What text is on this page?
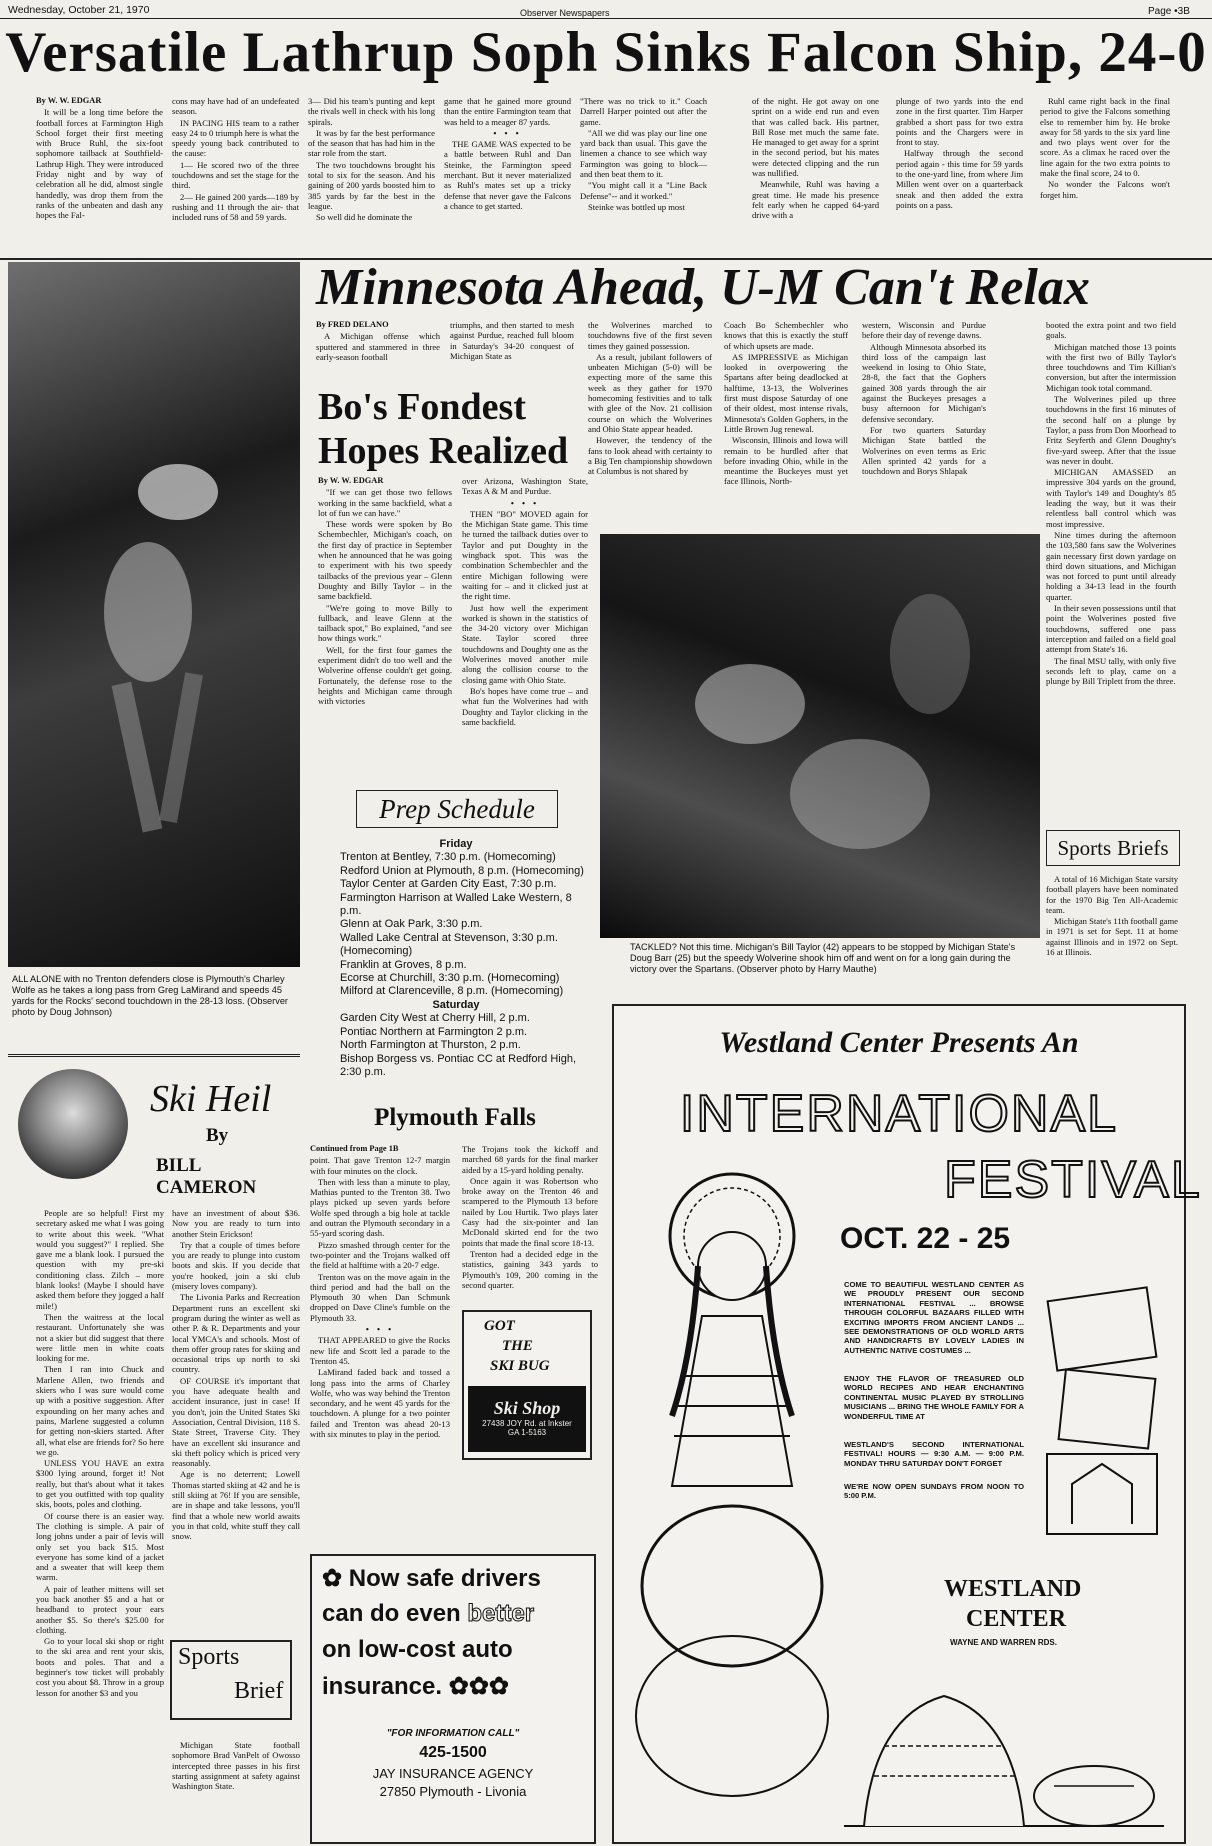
Wednesday, October 21, 1970	Observer Newspapers	Page •3B
Versatile Lathrup Soph Sinks Falcon Ship, 24-0

By W. W. EDGAR

It will be a long time before the football forces at Farmington High School forget their first meeting with Bruce Ruhl, the six-foot sophomore tailback at Southfield-Lathrup High. They were introduced Friday night and by way of celebration all he did, almost single handedly, was drop them from the ranks of the unbeaten and dash any hopes the Fal-

cons may have had of an undefeated season.

IN PACING HIS team to a rather easy 24 to 0 triumph here is what the speedy young back contributed to the cause:

1— He scored two of the three touchdowns and set the stage for the third.

2— He gained 200 yards—189 by rushing and 11 through the air- that included runs of 58 and 59 yards.

3— Did his team's punting and kept the rivals well in check with his long spirals.

It was by far the best performance of the season that has had him in the star role from the start.

The two touchdowns brought his total to six for the season. And his gaining of 200 yards boosted him to 385 yards by far the best in the league.

So well did he dominate the

game that he gained more ground than the entire Farmington team that was held to a meager 87 yards.

• • •

THE GAME WAS expected to be a battle between Ruhl and Dan Steinke, the Farmington speed merchant. But it never materialized as Ruhl's mates set up a tricky defense that never gave the Falcons a chance to get started.

"There was no trick to it." Coach Darrell Harper pointed out after the game.

"All we did was play our line one yard back than usual. This gave the linemen a chance to see which way Farmington was going to block—and then beat them to it.

"You might call it a "Line Back Defense"-- and it worked."

Steinke was bottled up most

of the night. He got away on one sprint on a wide end run and even that was called back. His partner, Bill Rose met much the same fate. He managed to get away for a sprint in the second period, but his mates were detected clipping and the run was nullified.

Meanwhile, Ruhl was having a great time. He made his presence felt early when he capped 64-yard drive with a

plunge of two yards into the end zone in the first quarter. Tim Harper grabbed a short pass for two extra points and the Chargers were in front to stay.

Halfway through the second period again - this time for 59 yards to the one-yard line, from where Jim Millen went over on a quarterback sneak and then added the extra points on a pass.

Ruhl came right back in the final period to give the Falcons something else to remember him by. He broke away for 58 yards to the six yard line and two plays went over for the score. As a climax he raced over the line again for the two extra points to make the final score, 24 to 0.

No wonder the Falcons won't forget him.

ALL ALONE with no Trenton defenders close is Plymouth's Charley Wolfe as he takes a long pass from Greg LaMirand and speeds 45 yards for the Rocks' second touchdown in the 28-13 loss. (Observer photo by Doug Johnson)
Ski Heil
By
BILL CAMERON

People are so helpful! First my secretary asked me what I was going to write about this week. "What would you suggest?" I replied. She gave me a blank look. I pursued the question with my pre-ski conditioning class. Zilch – more blank looks! (Maybe I should have asked them before they jogged a half mile!)

Then the waitress at the local restaurant. Unfortunately she was not a skier but did suggest that there were little men in white coats looking for me.

Then I ran into Chuck and Marlene Allen, two friends and skiers who I was sure would come up with a positive suggestion. After expounding on her many aches and pains, Marlene suggested a column for getting non-skiers started. After all, what else are friends for? So here we go.

UNLESS YOU HAVE an extra $300 lying around, forget it! Not really, but that's about what it takes to get you outfitted with top quality skis, boots, poles and clothing.

Of course there is an easier way. The clothing is simple. A pair of long johns under a pair of levis will only set you back $15. Most everyone has some kind of a jacket and a sweater that will keep them warm.

A pair of leather mittens will set you back another $5 and a hat or headband to protect your ears another $5. So there's $25.00 for clothing.

Go to your local ski shop or right to the ski area and rent your skis, boots and poles. That and a beginner's tow ticket will probably cost you about $8. Throw in a group lesson for another $3 and you

have an investment of about $36. Now you are ready to turn into another Stein Erickson!

Try that a couple of times before you are ready to plunge into custom boots and skis. If you decide that you're hooked, join a ski club (misery loves company).

The Livonia Parks and Recreation Department runs an excellent ski program during the winter as well as other P. & R. Departments and your local YMCA's and schools. Most of them offer group rates for skiing and occasional trips up north to ski country.

OF COURSE it's important that you have adequate health and accident insurance, just in case! If you don't, join the United States Ski Association, Central Division, 118 S. State Street, Traverse City. They have an excellent ski insurance and ski theft policy which is priced very reasonably.

Age is no deterrent; Lowell Thomas started skiing at 42 and he is still skiing at 76! If you are sensible, are in shape and take lessons, you'll find that a whole new world awaits you in that cold, white stuff they call snow.

Sports
Brief

Michigan State football sophomore Brad VanPelt of Owosso intercepted three passes in his first starting assignment at safety against Washington State.

Minnesota Ahead, U-M Can't Relax

By FRED DELANO

A Michigan offense which sputtered and stammered in three early-season football

triumphs, and then started to mesh against Purdue, reached full bloom in Saturday's 34-20 conquest of Michigan State as

the Wolverines marched to touchdowns five of the first seven times they gained possession.

As a result, jubilant followers of unbeaten Michigan (5-0) will be expecting more of the same this week as they gather for 1970 homecoming festivities and to talk with glee of the Nov. 21 collision course on which the Wolverines and Ohio State appear headed.

However, the tendency of the fans to look ahead with certainty to a Big Ten championship showdown at Columbus is not shared by

Coach Bo Schembechler who knows that this is exactly the stuff of which upsets are made.

AS IMPRESSIVE as Michigan looked in overpowering the Spartans after being deadlocked at halftime, 13-13, the Wolverines first must dispose Saturday of one of their oldest, most intense rivals, Minnesota's Golden Gophers, in the Little Brown Jug renewal.

Wisconsin, Illinois and Iowa will remain to be hurdled after that before invading Ohio, while in the meantime the Buckeyes must yet face Illinois, North-

western, Wisconsin and Purdue before their day of revenge dawns.

Although Minnesota absorbed its third loss of the campaign last weekend in losing to Ohio State, 28-8, the fact that the Gophers gained 308 yards through the air against the Buckeyes presages a busy afternoon for Michigan's defensive secondary.

For two quarters Saturday Michigan State battled the Wolverines on even terms as Eric Allen sprinted 42 yards for a touchdown and Borys Shlapak

booted the extra point and two field goals.

Michigan matched those 13 points with the first two of Billy Taylor's three touchdowns and Tim Killian's conversion, but after the intermission Michigan took total command.

The Wolverines piled up three touchdowns in the first 16 minutes of the second half on a plunge by Taylor, a pass from Don Moorhead to Fritz Seyferth and Glenn Doughty's five-yard sweep. After that the issue was never in doubt.

MICHIGAN AMASSED an impressive 304 yards on the ground, with Taylor's 149 and Doughty's 85 leading the way, but it was their relentless ball control which was most impressive.

Nine times during the afternoon the 103,580 fans saw the Wolverines gain necessary first down yardage on third down situations, and Michigan was not forced to punt until already holding a 34-13 lead in the fourth quarter.

In their seven possessions until that point the Wolverines posted five touchdowns, suffered one pass interception and failed on a field goal attempt from State's 16.

The final MSU tally, with only five seconds left to play, came on a plunge by Bill Triplett from the three.

Sports Briefs

A total of 16 Michigan State varsity football players have been nominated for the 1970 Big Ten All-Academic team.

Michigan State's 11th football game in 1971 is set for Sept. 11 at home against Illinois and in 1972 on Sept. 16 at Illinois.

Bo's Fondest
Hopes Realized

By W. W. EDGAR

"If we can get those two fellows working in the same backfield, what a lot of fun we can have."

These words were spoken by Bo Schembechler, Michigan's coach, on the first day of practice in September when he announced that he was going to experiment with his two speedy tailbacks of the previous year – Glenn Doughty and Billy Taylor – in the same backfield.

"We're going to move Billy to fullback, and leave Glenn at the tailback spot," Bo explained, "and see how things work."

Well, for the first four games the experiment didn't do too well and the Wolverine offense couldn't get going. Fortunately, the defense rose to the heights and Michigan came through with victories

over Arizona, Washington State, Texas A & M and Purdue.

• • •

THEN "BO" MOVED again for the Michigan State game. This time he turned the tailback duties over to Taylor and put Doughty in the wingback spot. This was the combination Schembechler and the entire Michigan following were waiting for – and it clicked just at the right time.

Just how well the experiment worked is shown in the statistics of the 34-20 victory over Michigan State. Taylor scored three touchdowns and Doughty one as the Wolverines moved another mile along the collision course to the closing game with Ohio State.

Bo's hopes have come true – and what fun the Wolverines had with Doughty and Taylor clicking in the same backfield.

TACKLED? Not this time. Michigan's Bill Taylor (42) appears to be stopped by Michigan State's Doug Barr (25) but the speedy Wolverine shook him off and went on for a long gain during the victory over the Spartans. (Observer photo by Harry Mauthe)
Prep Schedule
Friday
Trenton at Bentley, 7:30 p.m. (Homecoming)
Redford Union at Plymouth, 8 p.m. (Homecoming)
Taylor Center at Garden City East, 7:30 p.m.
Farmington Harrison at Walled Lake Western, 8 p.m.
Glenn at Oak Park, 3:30 p.m.
Walled Lake Central at Stevenson, 3:30 p.m. (Homecoming)
Franklin at Groves, 8 p.m.
Ecorse at Churchill, 3:30 p.m. (Homecoming)
Milford at Clarenceville, 8 p.m. (Homecoming)
Saturday
Garden City West at Cherry Hill, 2 p.m.
Pontiac Northern at Farmington 2 p.m.
North Farmington at Thurston, 2 p.m.
Bishop Borgess vs. Pontiac CC at Redford High, 2:30 p.m.
Plymouth Falls

Continued from Page 1B

point. That gave Trenton 12-7 margin with four minutes on the clock.

Then with less than a minute to play, Mathias punted to the Trenton 38. Two plays picked up seven yards before Wolfe sped through a big hole at tackle and outran the Plymouth secondary in a 55-yard scoring dash.

Pizzo smashed through center for the two-pointer and the Trojans walked off the field at halftime with a 20-7 edge.

Trenton was on the move again in the third period and had the ball on the Plymouth 30 when Dan Schmunk dropped on Dave Cline's fumble on the Plymouth 33.

• • •

THAT APPEARED to give the Rocks new life and Scott led a parade to the Trenton 45.

LaMirand faded back and tossed a long pass into the arms of Charley Wolfe, who was way behind the Trenton secondary, and he went 45 yards for the touchdown. A plunge for a two pointer failed and Trenton was ahead 20-13 with six minutes to play in the period.

The Trojans took the kickoff and marched 68 yards for the final marker aided by a 15-yard holding penalty.

Once again it was Robertson who broke away on the Trenton 46 and scampered to the Plymouth 13 before nailed by Lou Hurtik. Two plays later Casy had the six-pointer and Ian McDonald skirted end for the two points that made the final score 18-13.

Trenton had a decided edge in the statistics, gaining 343 yards to Plymouth's 109, 200 coming in the second quarter.

GOT
THE
SKI BUG
Ski Shop
27438 JOY Rd. at Inkster
GA 1-5163
✿ Now safe drivers
can do even better
on low-cost auto
insurance. ✿✿✿
"FOR INFORMATION CALL"
425-1500
JAY INSURANCE AGENCY
27850 Plymouth - Livonia
Westland Center Presents An
INTERNATIONAL
FESTIVAL
OCT. 22 - 25
COME TO BEAUTIFUL WESTLAND CENTER AS WE PROUDLY PRESENT OUR SECOND INTERNATIONAL FESTIVAL ... BROWSE THROUGH COLORFUL BAZAARS FILLED WITH EXCITING IMPORTS FROM ANCIENT LANDS ... SEE DEMONSTRATIONS OF OLD WORLD ARTS AND HANDICRAFTS BY LOVELY LADIES IN AUTHENTIC NATIVE COSTUMES ...
ENJOY THE FLAVOR OF TREASURED OLD WORLD RECIPES AND HEAR ENCHANTING CONTINENTAL MUSIC PLAYED BY STROLLING MUSICIANS ... BRING THE WHOLE FAMILY FOR A WONDERFUL TIME AT
WESTLAND'S SECOND INTERNATIONAL FESTIVAL! HOURS — 9:30 A.M. — 9:00 P.M. MONDAY THRU SATURDAY DON'T FORGET
WE'RE NOW OPEN SUNDAYS FROM NOON TO 5:00 P.M.
WESTLAND
CENTER
WAYNE AND WARREN RDS.
